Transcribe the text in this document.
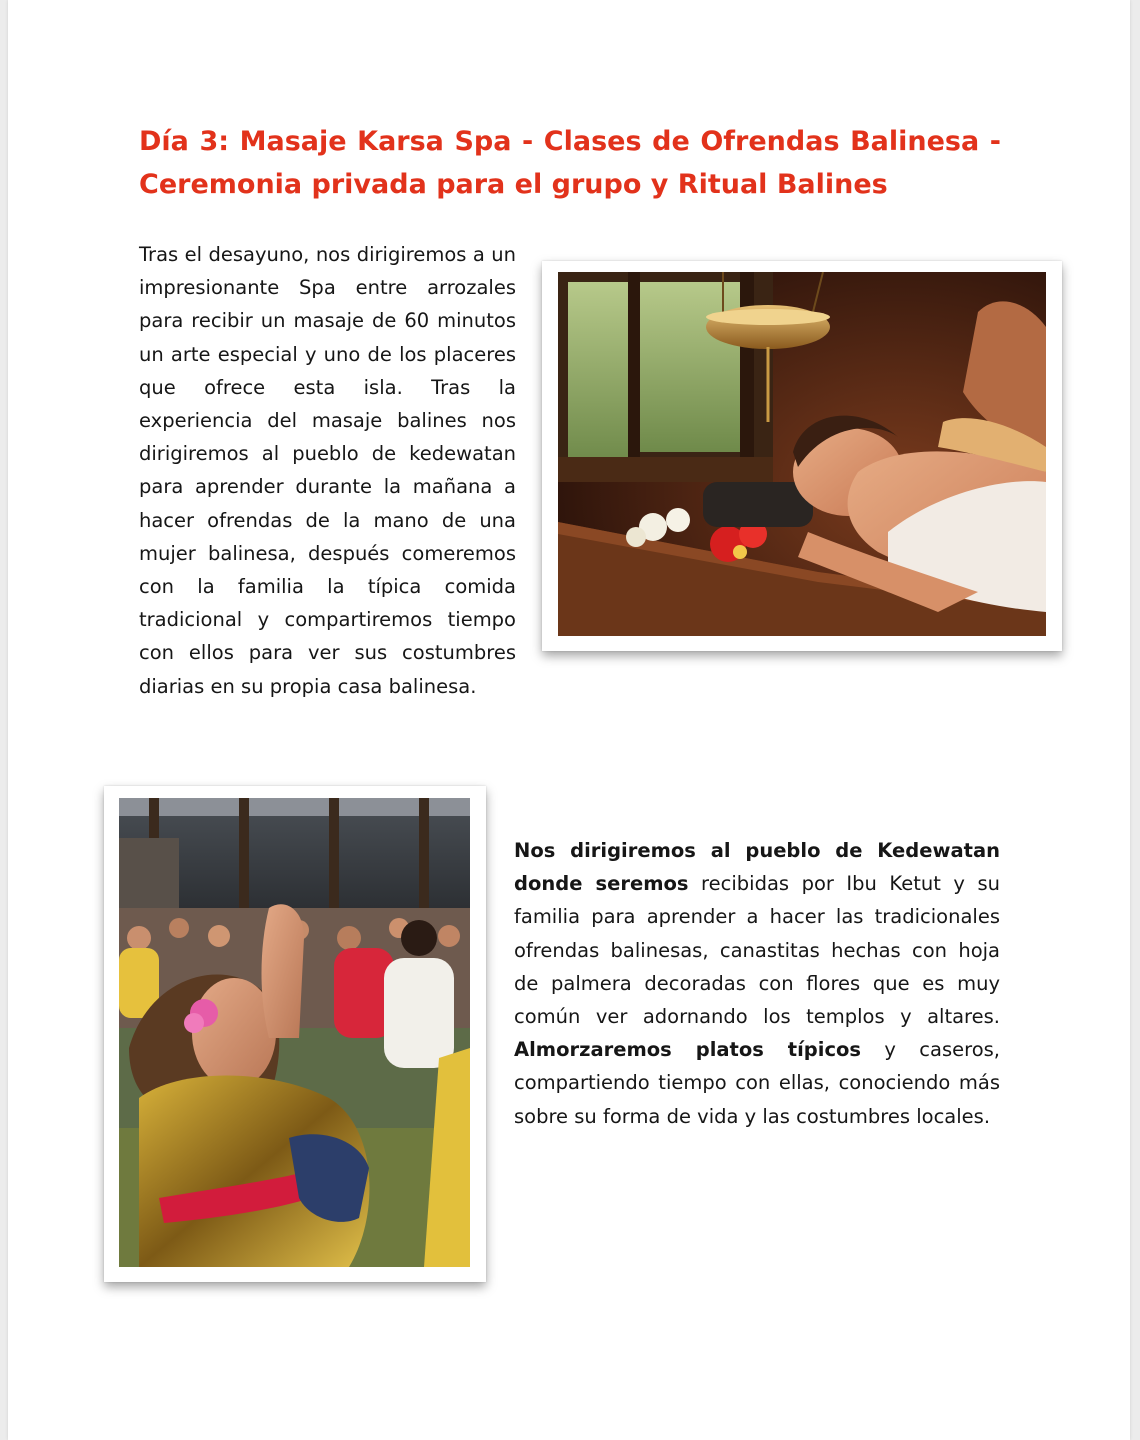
Día 3: Masaje Karsa Spa - Clases de Ofrendas Balinesa - Ceremonia privada para el grupo y Ritual Balines

Tras el desayuno, nos dirigiremos a un impresionante Spa entre arrozales para recibir un masaje de 60 minutos un arte especial y uno de los placeres que ofrece esta isla. Tras la experiencia del masaje balines nos dirigiremos al pueblo de kedewatan para aprender durante la mañana a hacer ofrendas de la mano de una mujer balinesa, después comeremos con la familia la típica comida tradicional y compartiremos tiempo con ellos para ver sus costumbres diarias en su propia casa balinesa.

Nos dirigiremos al pueblo de Kedewatan donde seremos recibidas por Ibu Ketut y su familia para aprender a hacer las tradicionales ofrendas balinesas, canastitas hechas con hoja de palmera decoradas con flores que es muy común ver adornando los templos y altares. Almorzaremos platos típicos y caseros, compartiendo tiempo con ellas, conociendo más sobre su forma de vida y las costumbres locales.
